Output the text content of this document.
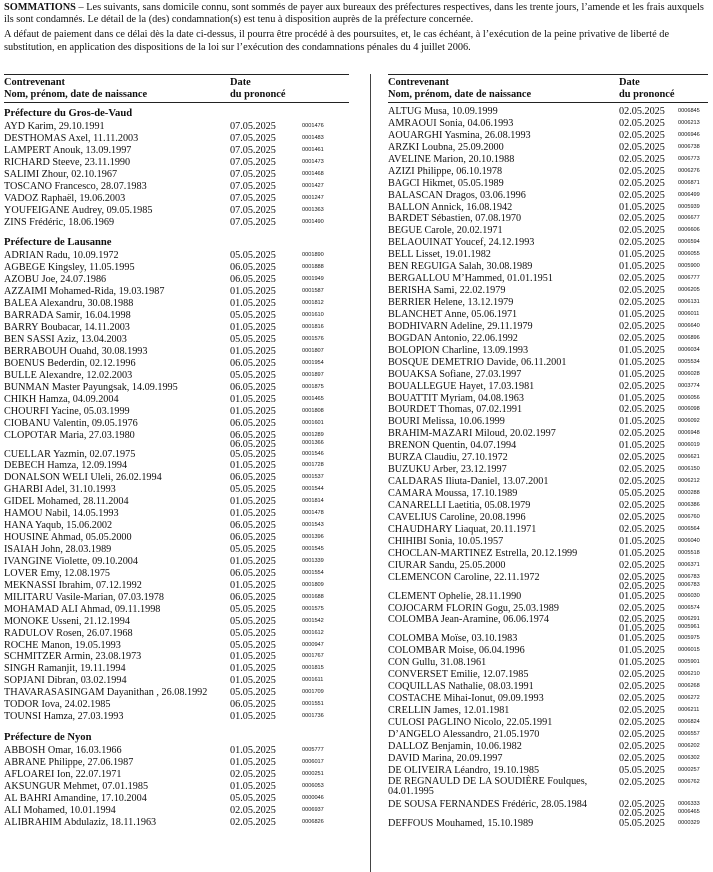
SOMMATIONS – Les suivants, sans domicile connu, sont sommés de payer aux bureaux des préfectures respectives, dans les trente jours, l’amende et les frais auxquels ils sont condamnés. Le détail de la (des) condamnation(s) est tenu à disposition auprès de la préfecture concernée.

A défaut de paiement dans ce délai dès la date ci-dessus, il pourra être procédé à des poursuites, et, le cas échéant, à l’exécution de la peine privative de liberté de substitution, en application des dispositions de la loi sur l’exécution des condamnations pénales du 4 juillet 2006.

Contrevenant
Nom, prénom, date de naissance
Date
du prononcé
Préfecture du Gros-de-Vaud
AYD Karim, 29.10.1991	07.05.2025	0001476
DESTHOMAS Axel, 11.11.2003	07.05.2025	0001483
LAMPERT Anouk, 13.09.1997	07.05.2025	0001461
RICHARD Steeve, 23.11.1990	07.05.2025	0001473
SALIMI Zhour, 02.10.1967	07.05.2025	0001468
TOSCANO Francesco, 28.07.1983	07.05.2025	0001427
VADOZ Raphaël, 19.06.2003	07.05.2025	0001247
YOUFEIGANE Audrey, 09.05.1985	07.05.2025	0001363
ZINS Frédéric, 18.06.1969	07.05.2025	0001490
Préfecture de Lausanne
ADRIAN Radu, 10.09.1972	05.05.2025	0001890
AGBEGE Kingsley, 11.05.1995	06.05.2025	0001888
AZOBU Joe, 24.07.1986	06.05.2025	0001949
AZZAIMI Mohamed-Rida, 19.03.1987	01.05.2025	0001587
BALEA Alexandru, 30.08.1988	01.05.2025	0001812
BARRADA Samir, 16.04.1998	05.05.2025	0001610
BARRY Boubacar, 14.11.2003	01.05.2025	0001816
BEN SASSI Aziz, 13.04.2003	05.05.2025	0001576
BERRABOUH Ouahd, 30.08.1993	01.05.2025	0001807
BOENUS Bederdin, 02.12.1996	06.05.2025	0001954
BULLE Alexandre, 12.02.2003	05.05.2025	0001897
BUNMAN Master Payungsak, 14.09.1995	06.05.2025	0001875
CHIKH Hamza, 04.09.2004	01.05.2025	0001465
CHOURFI Yacine, 05.03.1999	01.05.2025	0001808
CIOBANU Valentin, 09.05.1976	06.05.2025	0001601
CLOPOTAR Maria, 27.03.1980	06.05.2025	0001289
06.05.2025	0001366
CUELLAR Yazmin, 02.07.1975	05.05.2025	0001546
DEBECH Hamza, 12.09.1994	01.05.2025	0001728
DONALSON WELI Uleli, 26.02.1994	06.05.2025	0001537
GHARBI Adel, 31.10.1993	05.05.2025	0001544
GIDEL Mohamed, 28.11.2004	01.05.2025	0001814
HAMOU Nabil, 14.05.1993	01.05.2025	0001478
HANA Yaqub, 15.06.2002	06.05.2025	0001543
HOUSINE Ahmad, 05.05.2000	06.05.2025	0001396
ISAIAH John, 28.03.1989	05.05.2025	0001545
IVANGINE Violette, 09.10.2004	01.05.2025	0001339
LOVER Emy, 12.08.1975	06.05.2025	0001554
MEKNASSI Ibrahim, 07.12.1992	01.05.2025	0001809
MILITARU Vasile-Marian, 07.03.1978	06.05.2025	0001688
MOHAMAD ALI Ahmad, 09.11.1998	05.05.2025	0001575
MONOKE Usseni, 21.12.1994	05.05.2025	0001542
RADULOV Rosen, 26.07.1968	05.05.2025	0001612
ROCHE Manon, 19.05.1993	05.05.2025	0000947
SCHMITZER Armin, 23.08.1973	01.05.2025	0001767
SINGH Ramanjit, 19.11.1994	01.05.2025	0001815
SOPJANI Dibran, 03.02.1994	01.05.2025	0001611
THAVARASASINGAM Dayanithan , 26.08.1992 05.05.2025	0001709
TODOR Iova, 24.02.1985	06.05.2025	0001551
TOUNSI Hamza, 27.03.1993	01.05.2025	0001736
Préfecture de Nyon
ABBOSH Omar, 16.03.1966	01.05.2025	0005777
ABRANE Philippe, 27.06.1987	01.05.2025	0006017
AFLOAREI Ion, 22.07.1971	02.05.2025	0000251
AKSUNGUR Mehmet, 07.01.1985	01.05.2025	0006053
AL BAHRI Amandine, 17.10.2004	05.05.2025	0000046
ALI Mohamed, 10.01.1994	02.05.2025	0006937
ALIBRAHIM Abdulaziz, 18.11.1963	02.05.2025	0006826
Contrevenant
Nom, prénom, date de naissance
Date
du prononcé
ALTUG Musa, 10.09.1999	02.05.2025 0006845
AMRAOUI Sonia, 04.06.1993	02.05.2025 0006213
AOUARGHI Yasmina, 26.08.1993	02.05.2025 0006946
ARZKI Loubna, 25.09.2000	02.05.2025 0006738
AVELINE Marion, 20.10.1988	02.05.2025 0006773
AZIZI Philippe, 06.10.1978	02.05.2025 0006276
BAGCI Hikmet, 05.05.1989	02.05.2025 0006871
BALASCAN Dragos, 03.06.1996	02.05.2025 0006499
BALLON Annick, 16.08.1942	01.05.2025 0005939
BARDET Sébastien, 07.08.1970	02.05.2025 0006677
BEGUE Carole, 20.02.1971	02.05.2025 0006606
BELAOUINAT Youcef, 24.12.1993	02.05.2025 0006594
BELL Lisset, 19.01.1982	01.05.2025 0006055
BEN REGUIGA Salah, 30.08.1989	01.05.2025 0005900
BERGALLOU M’Hammed, 01.01.1951	02.05.2025 0006777
BERISHA Sami, 22.02.1979	02.05.2025 0006205
BERRIER Helene, 13.12.1979	02.05.2025 0006131
BLANCHET Anne, 05.06.1971	01.05.2025 0006011
BODHIVARN Adeline, 29.11.1979	02.05.2025 0006640
BOGDAN Antonio, 22.06.1992	02.05.2025 0006896
BOLOPION Charline, 13.09.1993	01.05.2025 0006034
BOSQUE DEMETRIO Davide, 06.11.2001	01.05.2025 0005534
BOUAKSA Sofiane, 27.03.1997	01.05.2025 0006028
BOUALLEGUE Hayet, 17.03.1981	02.05.2025 0003774
BOUATTIT Myriam, 04.08.1963	01.05.2025 0006056
BOURDET Thomas, 07.02.1991	02.05.2025 0006098
BOURI Melissa, 10.06.1999	01.05.2025 0006092
BRAHIM-MAZARI Miloud, 20.02.1997	02.05.2025 0006948
BRENON Quentin, 04.07.1994	01.05.2025 0006019
BURZA Claudiu, 27.10.1972	02.05.2025 0006621
BUZUKU Arber, 23.12.1997	02.05.2025 0006150
CALDARAS Iliuta-Daniel, 13.07.2001	02.05.2025 0006212
CAMARA Moussa, 17.10.1989	05.05.2025 0000288
CANARELLI Laetitia, 05.08.1979	02.05.2025 0006386
CAVELIUS Caroline, 20.08.1996	02.05.2025 0006760
CHAUDHARY Liaquat, 20.11.1971	02.05.2025 0006564
CHIHIBI Sonia, 10.05.1957	01.05.2025 0006040
CHOCLAN-MARTINEZ Estrella, 20.12.1999	01.05.2025 0005518
CIURAR Sandu, 25.05.2000	02.05.2025 0006371
CLEMENCON Caroline, 22.11.1972	02.05.2025 0006783
02.05.2025 0006783
CLEMENT Ophelie, 28.11.1990	01.05.2025 0006030
COJOCARM FLORIN Gogu, 25.03.1989	02.05.2025 0006574
COLOMBA Jean-Aramine, 06.06.1974	02.05.2025 0006291
01.05.2025 0005961
COLOMBA Moïse, 03.10.1983	01.05.2025 0005975
COLOMBAR Moise, 06.04.1996	01.05.2025 0006015
CON Gullu, 31.08.1961	01.05.2025 0005901
CONVERSET Emilie, 12.07.1985	02.05.2025 0006210
COQUILLAS Nathalie, 08.03.1991	02.05.2025 0006268
COSTACHE Mihai-Ionut, 09.09.1993	02.05.2025 0006272
CRELLIN James, 12.01.1981	02.05.2025 0006211
CULOSI PAGLINO Nicolo, 22.05.1991	02.05.2025 0006824
D’ANGELO Alessandro, 21.05.1970	02.05.2025 0006557
DALLOZ Benjamin, 10.06.1982	02.05.2025 0006202
DAVID Marina, 20.09.1997	02.05.2025 0006302
DE OLIVEIRA Léandro, 19.10.1985	05.05.2025 0000257
DE REGNAULD DE LA SOUDIÈRE Foulques, 04.01.1995
02.05.2025 0006762
DE SOUSA FERNANDES Frédéric, 28.05.1984	02.05.2025 0006333
02.05.2025 0006465
DEFFOUS Mouhamed, 15.10.1989	05.05.2025 0000329
